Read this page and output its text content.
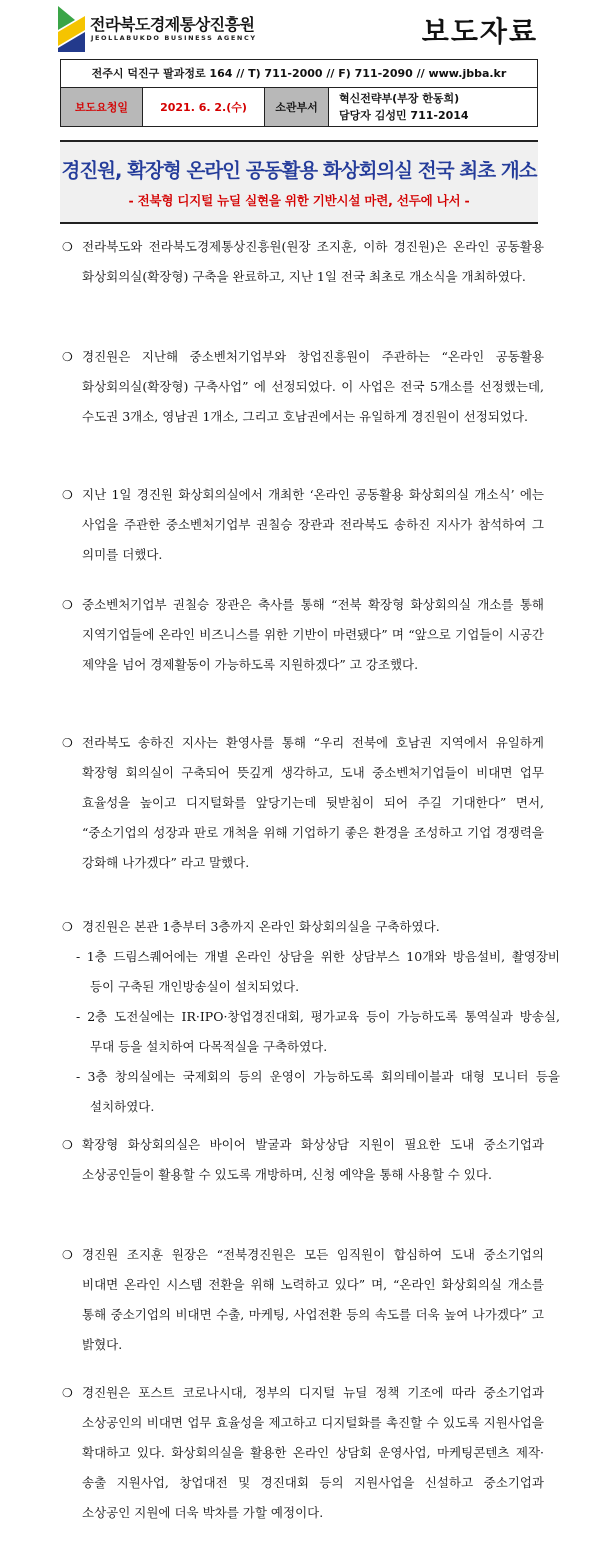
전라북도경제통상진흥원
JEOLLABUKDO BUSINESS AGENCY	보도자료
전주시 덕진구 팔과정로 164 // T) 711-2000 // F) 711-2090 // www.jbba.kr
보도요청일	2021. 6. 2.(수)	소관부서
혁신전략부(부장 한동희)
담당자 김성민 711-2014
경진원, 확장형 온라인 공동활용 화상회의실 전국 최초 개소
- 전북형 디지털 뉴딜 실현을 위한 기반시설 마련, 선두에 나서 -
❍ 전라북도와 전라북도경제통상진흥원(원장 조지훈, 이하 경진원)은 온라인 공동활용 화상회의실(확장형) 구축을 완료하고, 지난 1일 전국 최초로 개소식을 개최하였다.
❍ 경진원은 지난해 중소벤처기업부와 창업진흥원이 주관하는 “온라인 공동활용 화상회의실(확장형) 구축사업” 에 선정되었다. 이 사업은 전국 5개소를 선정했는데, 수도권 3개소, 영남권 1개소, 그리고 호남권에서는 유일하게 경진원이 선정되었다.
❍ 지난 1일 경진원 화상회의실에서 개최한 ‘온라인 공동활용 화상회의실 개소식’ 에는 사업을 주관한 중소벤처기업부 권칠승 장관과 전라북도 송하진 지사가 참석하여 그 의미를 더했다.
❍ 중소벤처기업부 권칠승 장관은 축사를 통해 “전북 확장형 화상회의실 개소를 통해 지역기업들에 온라인 비즈니스를 위한 기반이 마련됐다” 며 “앞으로 기업들이 시공간 제약을 넘어 경제활동이 가능하도록 지원하겠다” 고 강조했다.
❍ 전라북도 송하진 지사는 환영사를 통해 “우리 전북에 호남권 지역에서 유일하게 확장형 회의실이 구축되어 뜻깊게 생각하고, 도내 중소벤처기업들이 비대면 업무 효율성을 높이고 디지털화를 앞당기는데 뒷받침이 되어 주길 기대한다” 면서, “중소기업의 성장과 판로 개척을 위해 기업하기 좋은 환경을 조성하고 기업 경쟁력을 강화해 나가겠다” 라고 말했다.
❍ 경진원은 본관 1층부터 3층까지 온라인 화상회의실을 구축하였다.
- 1층 드림스퀘어에는 개별 온라인 상담을 위한 상담부스 10개와 방음설비, 촬영장비 등이 구축된 개인방송실이 설치되었다.
- 2층 도전실에는 IR·IPO·창업경진대회, 평가교육 등이 가능하도록 통역실과 방송실, 무대 등을 설치하여 다목적실을 구축하였다.
- 3층 창의실에는 국제회의 등의 운영이 가능하도록 회의테이블과 대형 모니터 등을 설치하였다.
❍ 확장형 화상회의실은 바이어 발굴과 화상상담 지원이 필요한 도내 중소기업과 소상공인들이 활용할 수 있도록 개방하며, 신청 예약을 통해 사용할 수 있다.
❍ 경진원 조지훈 원장은 “전북경진원은 모든 임직원이 합심하여 도내 중소기업의 비대면 온라인 시스템 전환을 위해 노력하고 있다” 며, “온라인 화상회의실 개소를 통해 중소기업의 비대면 수출, 마케팅, 사업전환 등의 속도를 더욱 높여 나가겠다” 고 밝혔다.
❍ 경진원은 포스트 코로나시대, 정부의 디지털 뉴딜 정책 기조에 따라 중소기업과 소상공인의 비대면 업무 효율성을 제고하고 디지털화를 촉진할 수 있도록 지원사업을 확대하고 있다. 화상회의실을 활용한 온라인 상담회 운영사업, 마케팅콘텐츠 제작·송출 지원사업, 창업대전 및 경진대회 등의 지원사업을 신설하고 중소기업과 소상공인 지원에 더욱 박차를 가할 예정이다.
